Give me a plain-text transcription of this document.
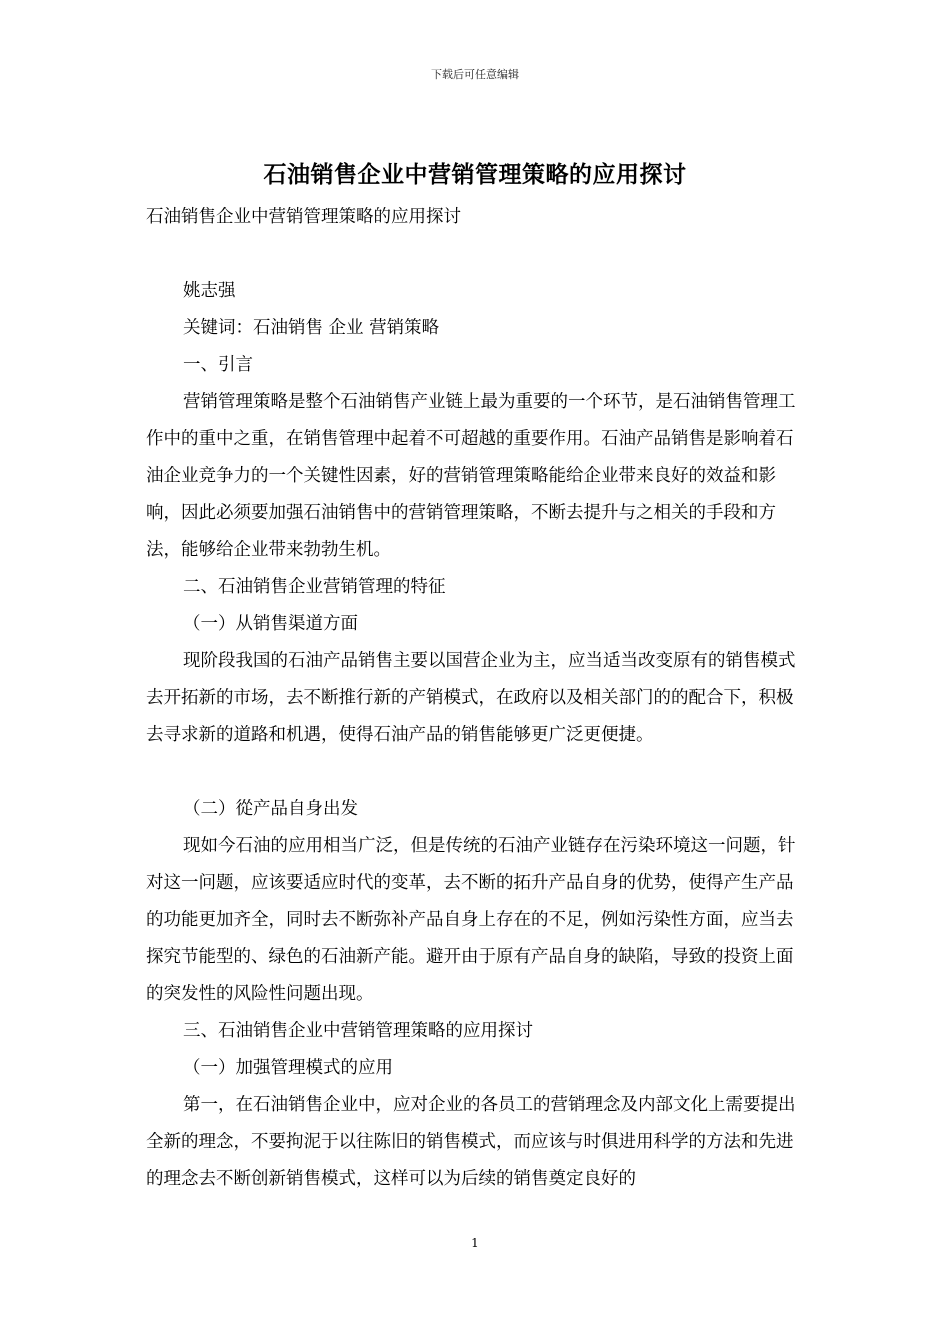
下载后可任意编辑
石油销售企业中营销管理策略的应用探讨

石油销售企业中营销管理策略的应用探讨

姚志强

关键词：石油销售 企业 营销策略

一、引言

营销管理策略是整个石油销售产业链上最为重要的一个环节，是石油销售管理工作中的重中之重，在销售管理中起着不可超越的重要作用。石油产品销售是影响着石油企业竞争力的一个关键性因素，好的营销管理策略能给企业带来良好的效益和影响，因此必须要加强石油销售中的营销管理策略，不断去提升与之相关的手段和方法，能够给企业带来勃勃生机。

二、石油销售企业营销管理的特征

（一）从销售渠道方面

现阶段我国的石油产品销售主要以国营企业为主，应当适当改变原有的销售模式去开拓新的市场，去不断推行新的产销模式，在政府以及相关部门的的配合下，积极去寻求新的道路和机遇，使得石油产品的销售能够更广泛更便捷。

（二）從产品自身出发

现如今石油的应用相当广泛，但是传统的石油产业链存在污染环境这一问题，针对这一问题，应该要适应时代的变革，去不断的拓升产品自身的优势，使得产生产品的功能更加齐全，同时去不断弥补产品自身上存在的不足，例如污染性方面，应当去探究节能型的、绿色的石油新产能。避开由于原有产品自身的缺陷，导致的投资上面的突发性的风险性问题出现。

三、石油销售企业中营销管理策略的应用探讨

（一）加强管理模式的应用

第一，在石油销售企业中，应对企业的各员工的营销理念及内部文化上需要提出全新的理念，不要拘泥于以往陈旧的销售模式，而应该与时俱进用科学的方法和先进的理念去不断创新销售模式，这样可以为后续的销售奠定良好的

1
